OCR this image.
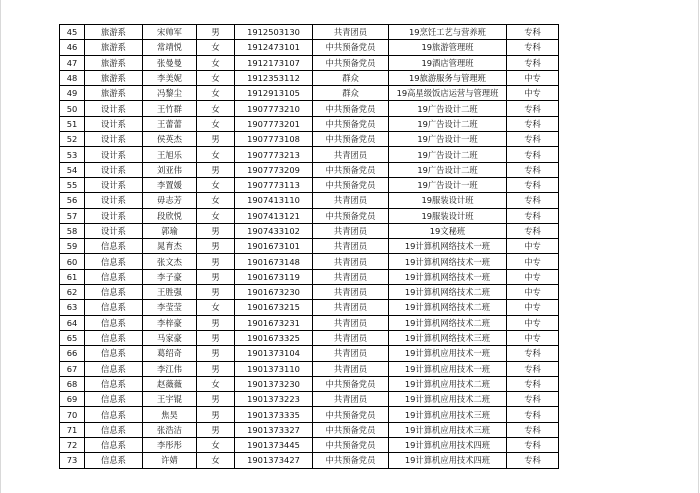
45	旅游系	宋帅军	男	1912503130	共青团员	19烹饪工艺与营养班	专科	
46	旅游系	常靖悦	女	1912473101	中共预备党员	19旅游管理班	专科	
47	旅游系	张曼曼	女	1912173107	中共预备党员	19酒店管理班	专科	
48	旅游系	李美妮	女	1912353112	群众	19旅游服务与管理班	中专	
49	旅游系	冯黎尘	女	1912913105	群众	19高星级饭店运营与管理班	中专	
50	设计系	王竹群	女	1907773210	中共预备党员	19广告设计二班	专科	
51	设计系	王蕾蕾	女	1907773201	中共预备党员	19广告设计二班	专科	
52	设计系	侯英杰	男	1907773108	中共预备党员	19广告设计一班	专科	
53	设计系	王旭乐	女	1907773213	共青团员	19广告设计二班	专科	
54	设计系	刘亚伟	男	1907773209	中共预备党员	19广告设计二班	专科	
55	设计系	李置媛	女	1907773113	中共预备党员	19广告设计一班	专科	
56	设计系	毋志芳	女	1907413110	共青团员	19服装设计班	专科	
57	设计系	段欣悦	女	1907413121	中共预备党员	19服装设计班	专科	
58	设计系	郭瑜	男	1907433102	共青团员	19文秘班	专科	
59	信息系	晁育杰	男	1901673101	共青团员	19计算机网络技术一班	中专	
60	信息系	张文杰	男	1901673148	共青团员	19计算机网络技术一班	中专	
61	信息系	李子豪	男	1901673119	共青团员	19计算机网络技术一班	中专	
62	信息系	王胜强	男	1901673230	共青团员	19计算机网络技术二班	中专	
63	信息系	李莹莹	女	1901673215	共青团员	19计算机网络技术二班	中专	
64	信息系	李梓豪	男	1901673231	共青团员	19计算机网络技术二班	中专	
65	信息系	马家豪	男	1901673325	共青团员	19计算机网络技术三班	中专	
66	信息系	葛绍奇	男	1901373104	共青团员	19计算机应用技术一班	专科	
67	信息系	李江伟	男	1901373110	共青团员	19计算机应用技术一班	专科	
68	信息系	赵薇薇	女	1901373230	中共预备党员	19计算机应用技术二班	专科	
69	信息系	王宇锟	男	1901373223	共青团员	19计算机应用技术二班	专科	
70	信息系	焦昊	男	1901373335	中共预备党员	19计算机应用技术三班	专科	
71	信息系	张浩洁	男	1901373327	中共预备党员	19计算机应用技术三班	专科	
72	信息系	李彤彤	女	1901373445	中共预备党员	19计算机应用技术四班	专科	
73	信息系	许婧	女	1901373427	中共预备党员	19计算机应用技术四班	专科	
